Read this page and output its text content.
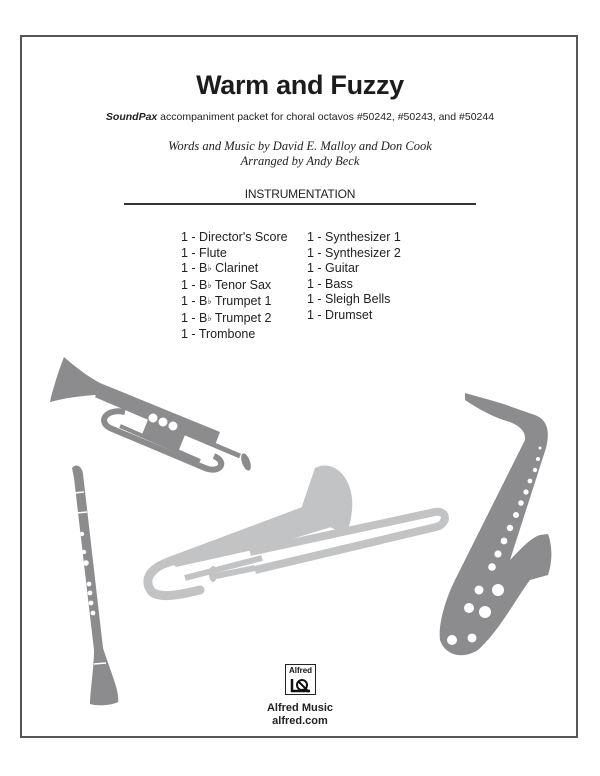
Warm and Fuzzy
SoundPax accompaniment packet for choral octavos #50242, #50243, and #50244
Words and Music by David E. Malloy and Don Cook
Arranged by Andy Beck
INSTRUMENTATION
1 - Director's Score
1 - Flute
1 - B♭ Clarinet
1 - B♭ Tenor Sax
1 - B♭ Trumpet 1
1 - B♭ Trumpet 2
1 - Trombone
1 - Synthesizer 1
1 - Synthesizer 2
1 - Guitar
1 - Bass
1 - Sleigh Bells
1 - Drumset
Alfred
Alfred Music
alfred.com
